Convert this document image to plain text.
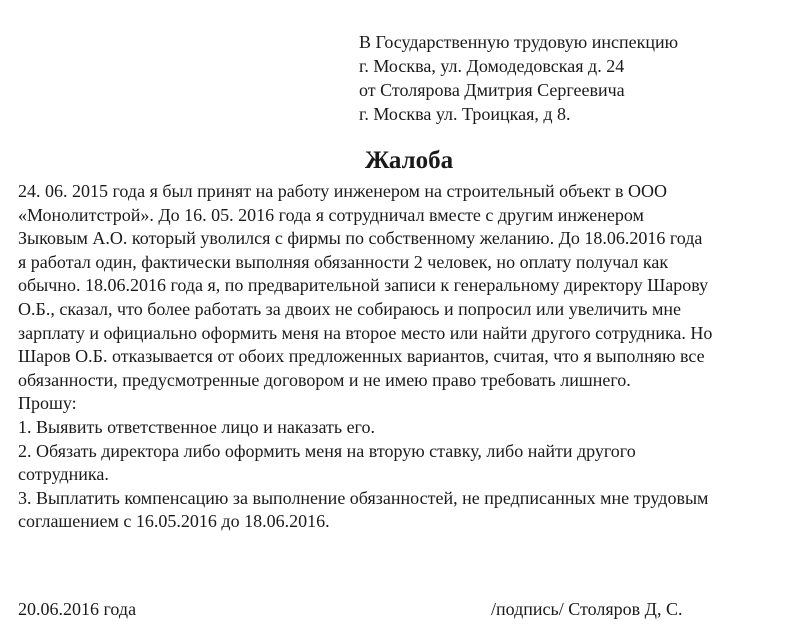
В Государственную трудовую инспекцию
г. Москва, ул. Домодедовская д. 24
от Столярова Дмитрия Сергеевича
г. Москва ул. Троицкая, д 8.
Жалоба
24. 06. 2015 года я был принят на работу инженером на строительный объект в ООО
«Монолитстрой». До 16. 05. 2016 года я сотрудничал вместе с другим инженером
Зыковым А.О. который уволился с фирмы по собственному желанию. До 18.06.2016 года
я работал один, фактически выполняя обязанности 2 человек, но оплату получал как
обычно. 18.06.2016 года я, по предварительной записи к генеральному директору Шарову
О.Б., сказал, что более работать за двоих не собираюсь и попросил или увеличить мне
зарплату и официально оформить меня на второе место или найти другого сотрудника. Но
Шаров О.Б. отказывается от обоих предложенных вариантов, считая, что я выполняю все
обязанности, предусмотренные договором и не имею право требовать лишнего.
Прошу:
1. Выявить ответственное лицо и наказать его.
2. Обязать директора либо оформить меня на вторую ставку, либо найти другого
сотрудника.
3. Выплатить компенсацию за выполнение обязанностей, не предписанных мне трудовым
соглашением с 16.05.2016 до 18.06.2016.
20.06.2016 года	/подпись/ Столяров Д, С.
